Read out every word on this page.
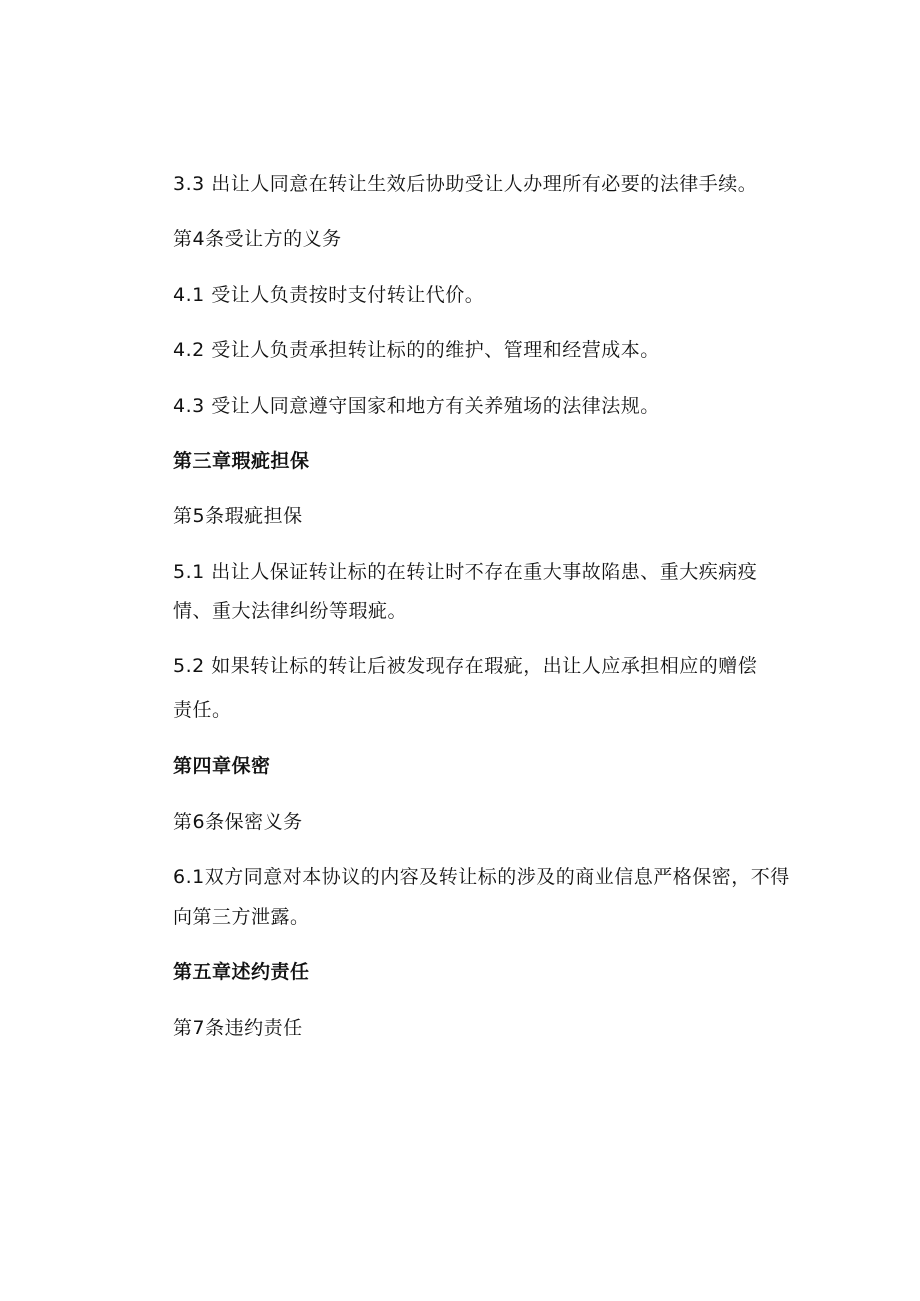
3.3 出让人同意在转让生效后协助受让人办理所有必要的法律手续。
第4条受让方的义务
4.1 受让人负责按时支付转让代价。
4.2 受让人负责承担转让标的的维护、管理和经营成本。
4.3 受让人同意遵守国家和地方有关养殖场的法律法规。
第三章瑕疵担保
第5条瑕疵担保
5.1 出让人保证转让标的在转让时不存在重大事故陷患、重大疾病疫
情、重大法律纠纷等瑕疵。
5.2 如果转让标的转让后被发现存在瑕疵，出让人应承担相应的赠偿
责任。
第四章保密
第6条保密义务
6.1双方同意对本协议的内容及转让标的涉及的商业信息严格保密，不得
向第三方泄露。
第五章述约责任
第7条违约责任
